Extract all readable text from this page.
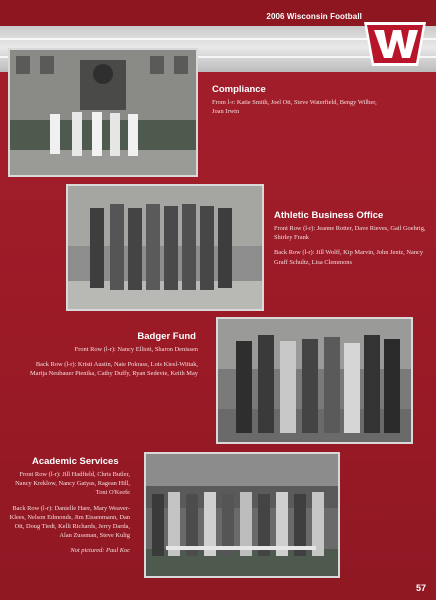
2006 Wisconsin Football
Compliance

From l-r: Katie Smith, Joel Ott, Steve Waterfield, Bengy Wilber, Joan Irwin

Athletic Business Office

Front Row (l-r): Jeanne Rotter, Dave Rieves, Gail Goehrig, Shirley Frank

Back Row (l-r): Jill Wolff, Kip Marvin, John Jentz, Nancy Graff Schultz, Lisa Clemmons

Badger Fund

Front Row (l-r): Nancy Elliott, Sharon Denissen

Back Row (l-r): Kristi Austin, Nate Pokrass, Lois Kiesl-Wittak, Marija Neubauer Pienika, Cathy Duffy, Ryan Sedevie, Keith May

Academic Services

Front Row (l-r): Jill Hadfield, Chris Butler, Nancy Kreklow, Nancy Gatyas, Ragean Hill, Toni O'Keefe

Back Row (l-r): Danielle Hare, Mary Weaver-Klees, Nelson Edmonds, Jim Eissenmann, Dan Ott, Doug Tiedt, Kelli Richards, Jerry Darda, Alan Zussman, Steve Kulig

Not pictured: Paul Koc

57
